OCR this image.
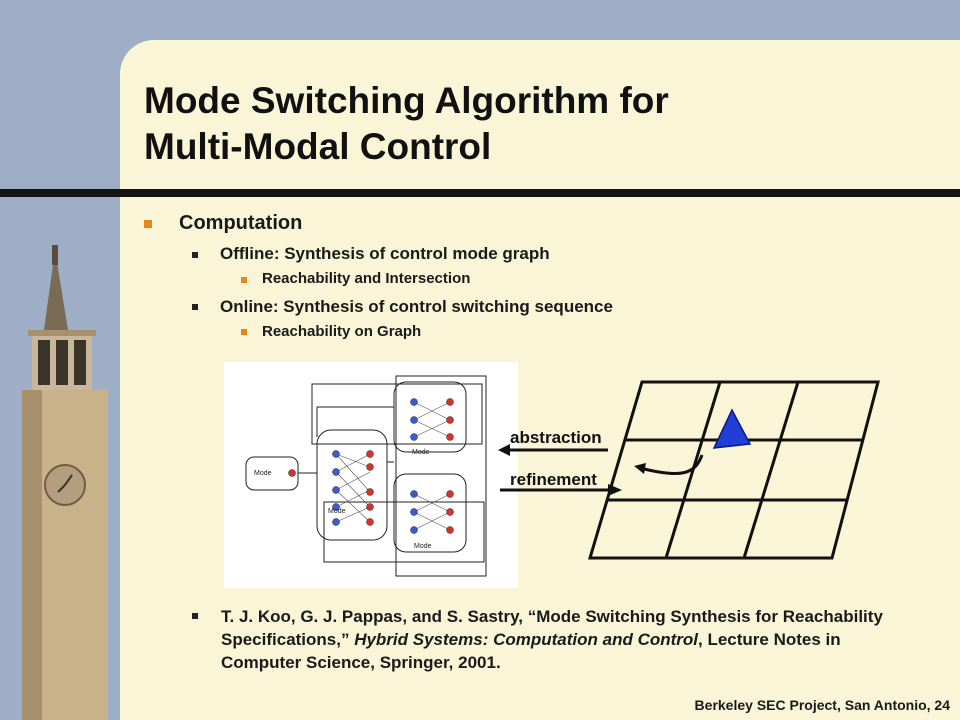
Mode Switching Algorithm for
Multi-Modal Control
Computation
Offline: Synthesis of control mode graph
Reachability and Intersection
Online: Synthesis of control switching sequence
Reachability on Graph
Mode
Mode
Mode
Mode
abstraction
refinement

T. J. Koo, G. J. Pappas, and S. Sastry, “Mode Switching Synthesis for Reachability Specifications,” Hybrid Systems: Computation and Control, Lecture Notes in Computer Science, Springer, 2001.

Berkeley SEC Project, San Antonio, 24
